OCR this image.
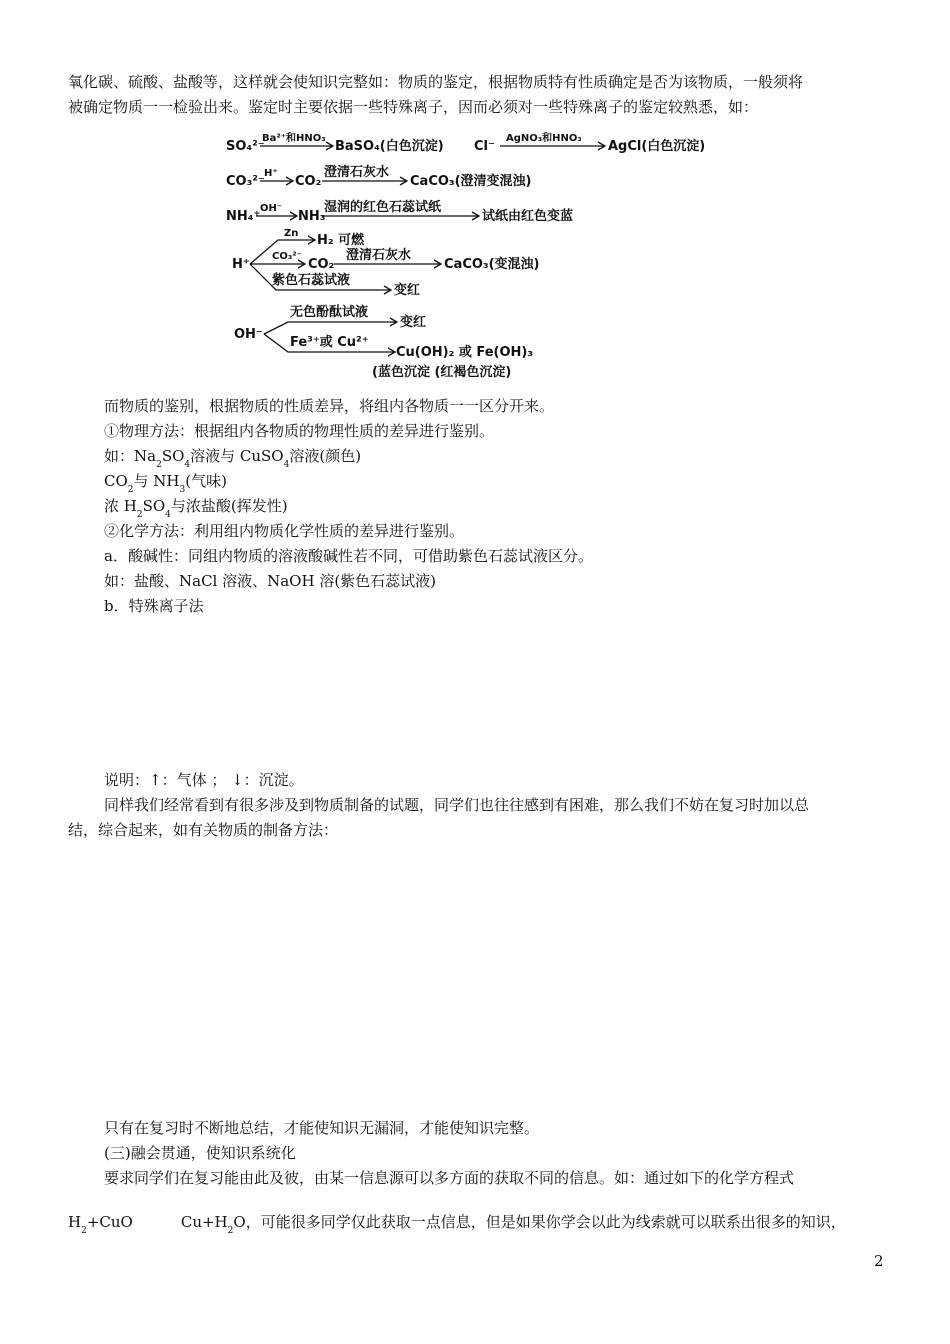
氧化碳、硫酸、盐酸等，这样就会使知识完整如：物质的鉴定，根据物质特有性质确定是否为该物质，一般须将
被确定物质一一检验出来。鉴定时主要依据一些特殊离子，因而必须对一些特殊离子的鉴定较熟悉，如：
SO₄²⁻
Ba²⁺和HNO₃
BaSO₄(白色沉淀) Cl⁻
AgNO₃和HNO₃
AgCl(白色沉淀)
CO₃²⁻
H⁺
CO₂
澄清石灰水
CaCO₃(澄清变混浊)
NH₄⁺
OH⁻
NH₃
湿润的红色石蕊试纸
试纸由红色变蓝
H⁺
Zn H₂ 可燃
CO₃²⁻
CO₂
澄清石灰水
CaCO₃(变混浊)
紫色石蕊试液
变红
OH⁻
无色酚酞试液
变红
Fe³⁺或 Cu²⁺
Cu(OH)₂ 或 Fe(OH)₃
(蓝色沉淀 (红褐色沉淀)
而物质的鉴别，根据物质的性质差异，将组内各物质一一区分开来。
①物理方法：根据组内各物质的物理性质的差异进行鉴别。
如：$Na_2SO_4$溶液与 CuSO$_4$溶液(颜色)
$CO_2$与 $NH_3$(气味)
浓 $H_2SO_4$与浓盐酸(挥发性)
②化学方法：利用组内物质化学性质的差异进行鉴别。
a．酸碱性：同组内物质的溶液酸碱性若不同，可借助紫色石蕊试液区分。
如：盐酸、NaCl 溶液、NaOH 溶(紫色石蕊试液)
b．特殊离子法
说明：↑：气体 ； ↓：沉淀。
同样我们经常看到有很多涉及到物质制备的试题，同学们也往往感到有困难，那么我们不妨在复习时加以总
结，综合起来，如有关物质的制备方法：
只有在复习时不断地总结，才能使知识无漏洞，才能使知识完整。
(三)融会贯通，使知识系统化
要求同学们在复习能由此及彼，由某一信息源可以多方面的获取不同的信息。如：通过如下的化学方程式
$H_2+CuO$	$Cu+H_2O$，可能很多同学仅此获取一点信息，但是如果你学会以此为线索就可以联系出很多的知识，
2
